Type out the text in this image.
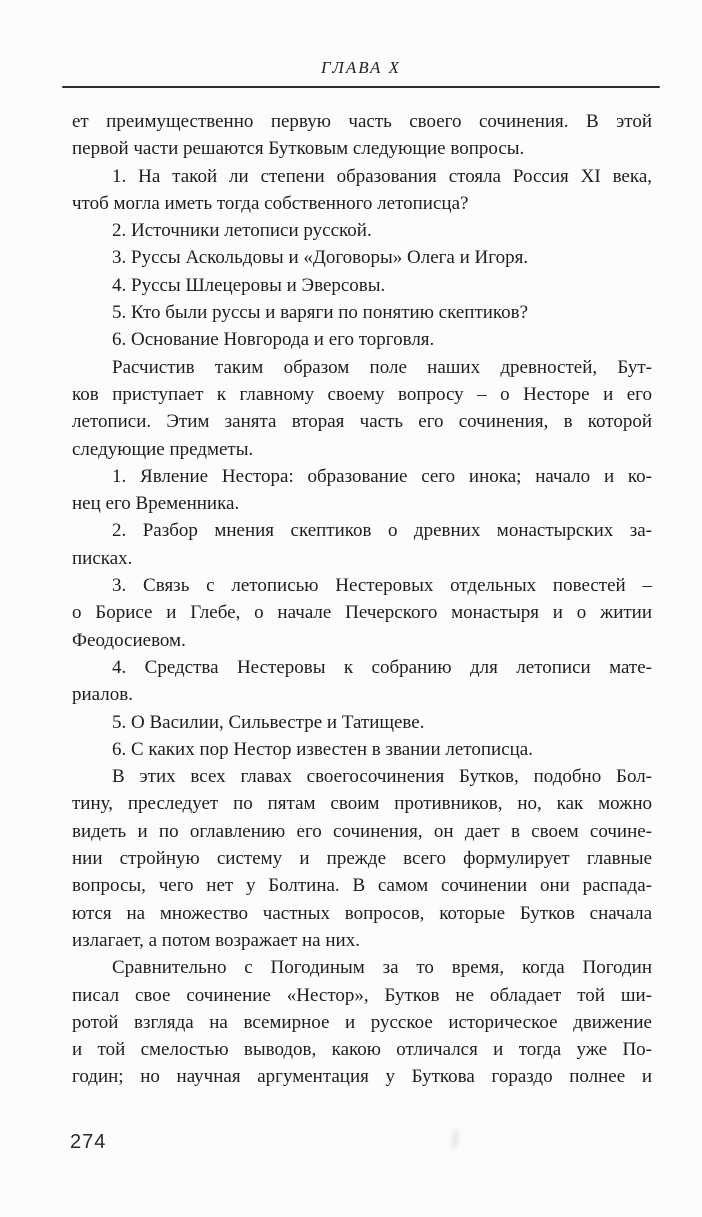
ГЛАВА X
ет преимущественно первую часть своего сочинения. В этой
первой части решаются Бутковым следующие вопросы.
1. На такой ли степени образования стояла Россия XI века,
чтоб могла иметь тогда собственного летописца?
2. Источники летописи русской.
3. Руссы Аскольдовы и «Договоры» Олега и Игоря.
4. Руссы Шлецеровы и Эверсовы.
5. Кто были руссы и варяги по понятию скептиков?
6. Основание Новгорода и его торговля.
Расчистив таким образом поле наших древностей, Бут-
ков приступает к главному своему вопросу – о Несторе и его
летописи. Этим занята вторая часть его сочинения, в которой
следующие предметы.
1. Явление Нестора: образование сего инока; начало и ко-
нец его Временника.
2. Разбор мнения скептиков о древних монастырских за-
писках.
3. Связь с летописью Нестеровых отдельных повестей –
о Борисе и Глебе, о начале Печерского монастыря и о житии
Феодосиевом.
4. Средства Нестеровы к собранию для летописи мате-
риалов.
5. О Василии, Сильвестре и Татищеве.
6. С каких пор Нестор известен в звании летописца.
В этих всех главах своегосочинения Бутков, подобно Бол-
тину, преследует по пятам своим противников, но, как можно
видеть и по оглавлению его сочинения, он дает в своем сочине-
нии стройную систему и прежде всего формулирует главные
вопросы, чего нет у Болтина. В самом сочинении они распада-
ются на множество частных вопросов, которые Бутков сначала
излагает, а потом возражает на них.
Сравнительно с Погодиным за то время, когда Погодин
писал свое сочинение «Нестор», Бутков не обладает той ши-
ротой взгляда на всемирное и русское историческое движение
и той смелостью выводов, какою отличался и тогда уже По-
годин; но научная аргументация у Буткова гораздо полнее и
274
